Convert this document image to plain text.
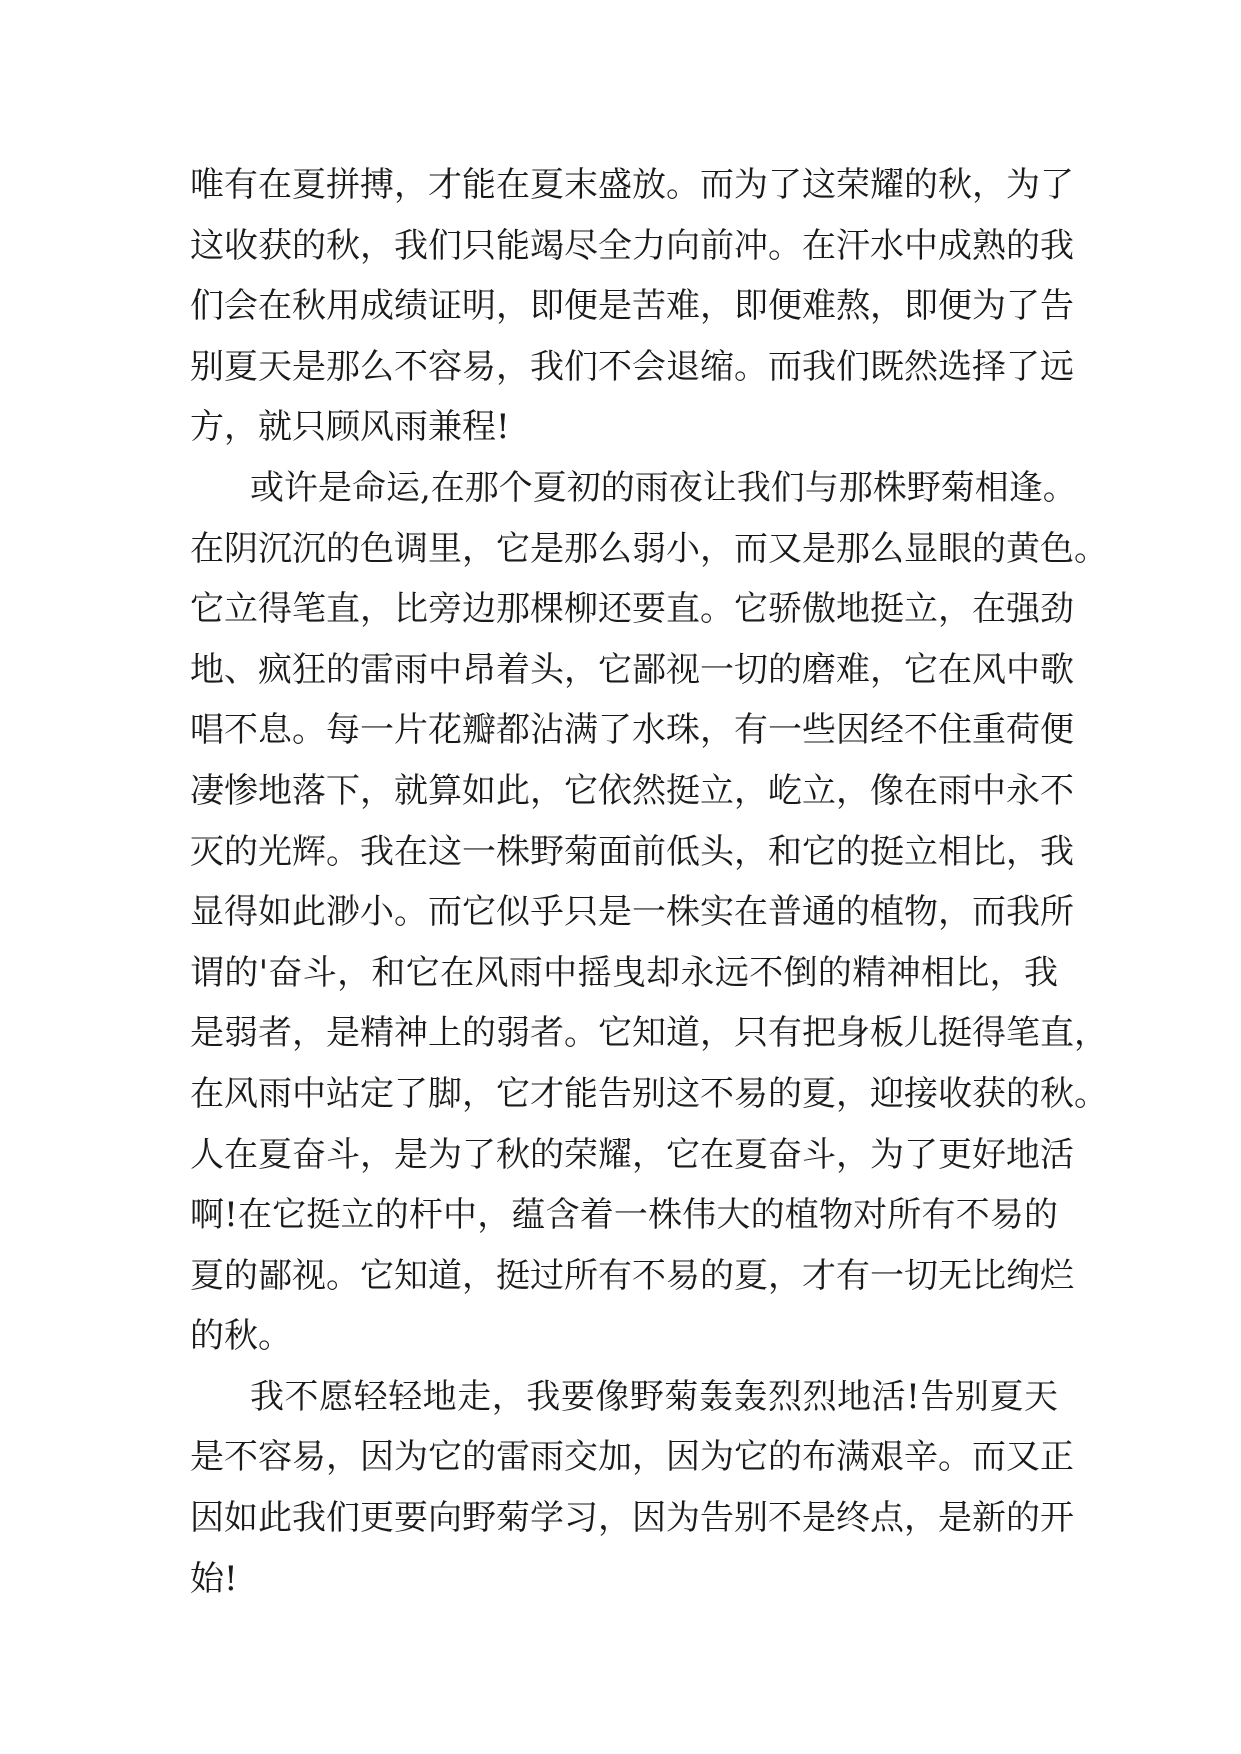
唯有在夏拼搏，才能在夏末盛放。而为了这荣耀的秋，为了
这收获的秋，我们只能竭尽全力向前冲。在汗水中成熟的我
们会在秋用成绩证明，即便是苦难，即便难熬，即便为了告
别夏天是那么不容易，我们不会退缩。而我们既然选择了远
方，就只顾风雨兼程!
或许是命运,在那个夏初的雨夜让我们与那株野菊相逢。
在阴沉沉的色调里，它是那么弱小，而又是那么显眼的黄色。
它立得笔直，比旁边那棵柳还要直。它骄傲地挺立，在强劲
地、疯狂的雷雨中昂着头，它鄙视一切的磨难，它在风中歌
唱不息。每一片花瓣都沾满了水珠，有一些因经不住重荷便
凄惨地落下，就算如此，它依然挺立，屹立，像在雨中永不
灭的光辉。我在这一株野菊面前低头，和它的挺立相比，我
显得如此渺小。而它似乎只是一株实在普通的植物，而我所
谓的'奋斗，和它在风雨中摇曳却永远不倒的精神相比，我
是弱者，是精神上的弱者。它知道，只有把身板儿挺得笔直，
在风雨中站定了脚，它才能告别这不易的夏，迎接收获的秋。
人在夏奋斗，是为了秋的荣耀，它在夏奋斗，为了更好地活
啊!在它挺立的杆中，蕴含着一株伟大的植物对所有不易的
夏的鄙视。它知道，挺过所有不易的夏，才有一切无比绚烂
的秋。
我不愿轻轻地走，我要像野菊轰轰烈烈地活!告别夏天
是不容易，因为它的雷雨交加，因为它的布满艰辛。而又正
因如此我们更要向野菊学习，因为告别不是终点，是新的开
始!
